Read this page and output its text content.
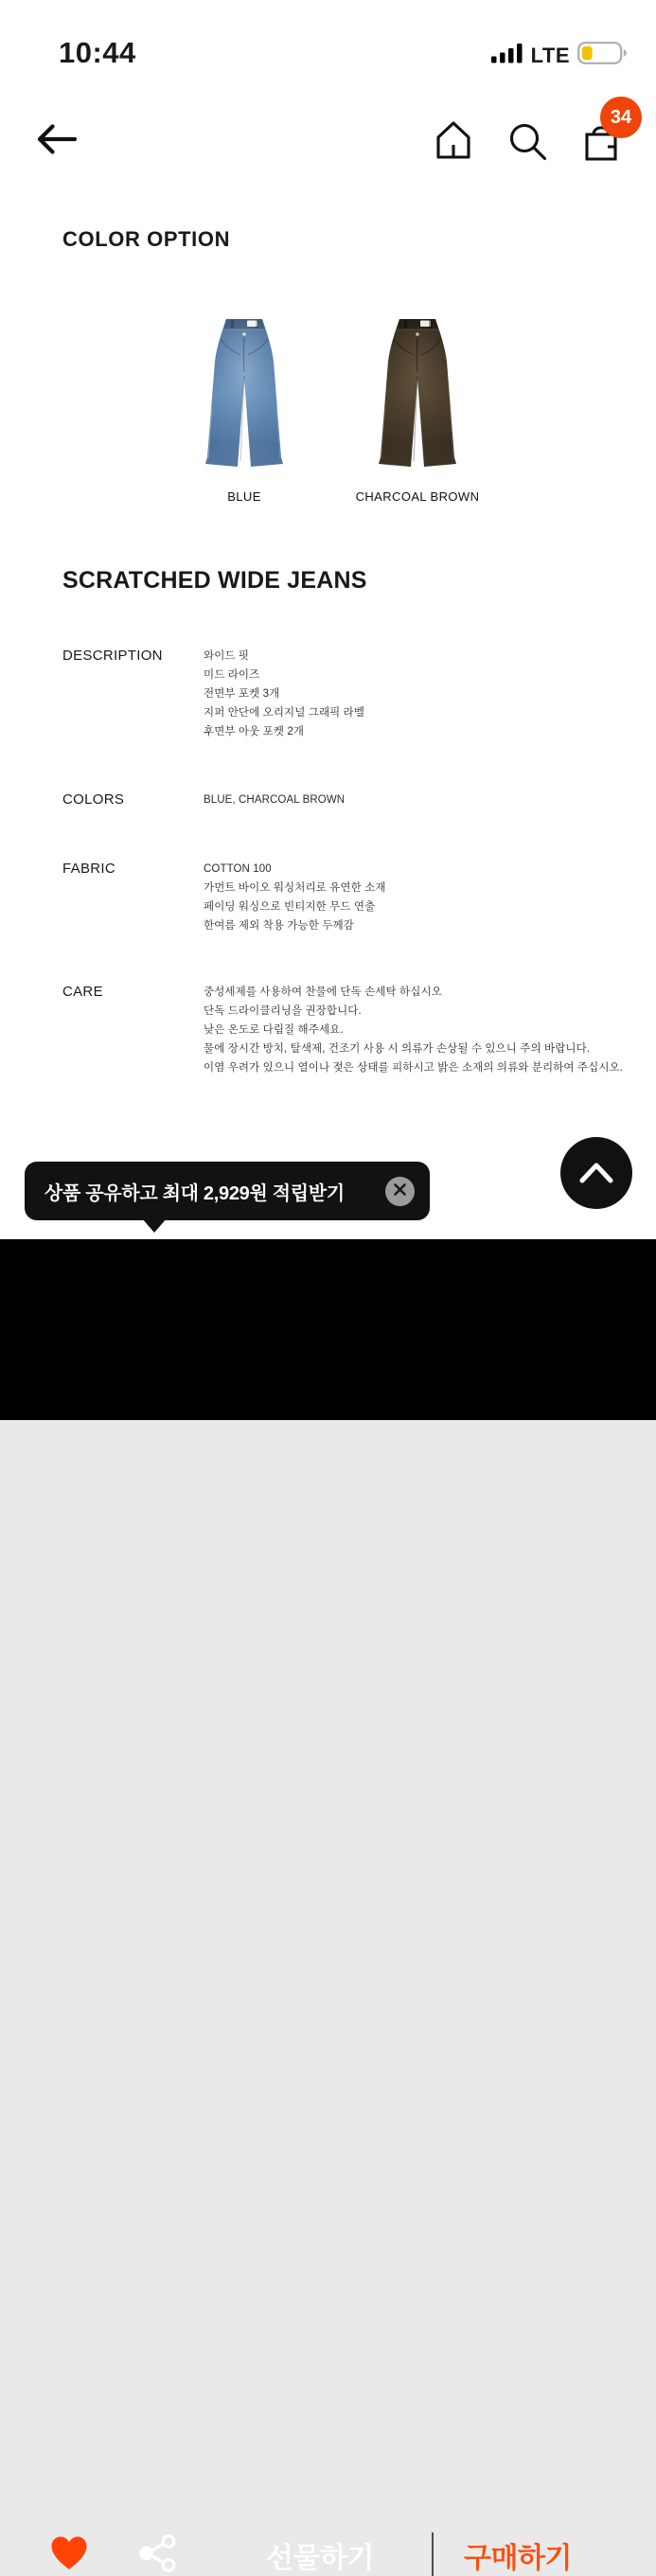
10:44	LTE
34
COLOR OPTION
BLUE	CHARCOAL BROWN
SCRATCHED WIDE JEANS
DESCRIPTION	와이드 핏
미드 라이즈
전면부 포켓 3개
지퍼 안단에 오리지널 그래픽 라벨
후면부 아웃 포켓 2개
COLORS	BLUE, CHARCOAL BROWN
FABRIC	COTTON 100
가먼트 바이오 워싱처리로 유연한 소재
페이딩 워싱으로 빈티지한 무드 연출
한여름 제외 착용 가능한 두께감
CARE	중성세제를 사용하여 찬물에 단독 손세탁 하십시오
단독 드라이클리닝을 권장합니다.
낮은 온도로 다림질 해주세요.
물에 장시간 방치, 탈색제, 건조기 사용 시 의류가 손상될 수 있으니 주의 바랍니다.
이염 우려가 있으니 열이나 젖은 상태를 피하시고 밝은 소재의 의류와 분리하여 주십시오.
상품 공유하고 최대 2,929원 적립받기
선물하기	구매하기
